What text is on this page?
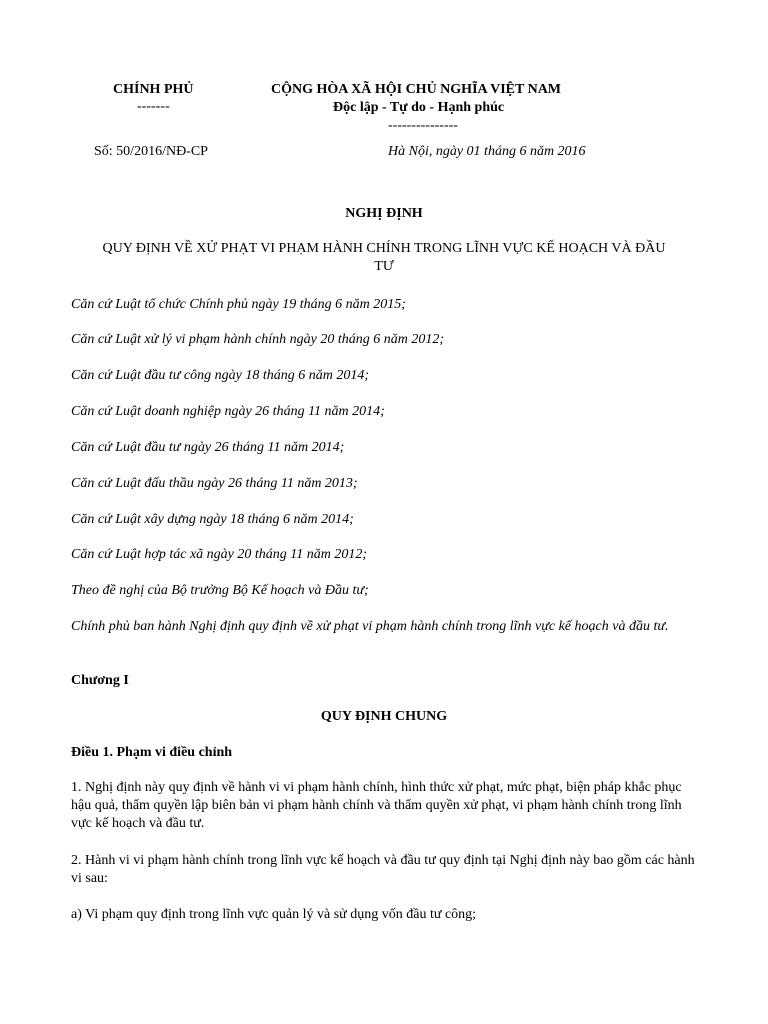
CHÍNH PHỦ
-------
CỘNG HÒA XÃ HỘI CHỦ NGHĨA VIỆT NAM
Độc lập - Tự do - Hạnh phúc
---------------
Số: 50/2016/NĐ-CP	Hà Nội, ngày 01 tháng 6 năm 2016
NGHỊ ĐỊNH
QUY ĐỊNH VỀ XỬ PHẠT VI PHẠM HÀNH CHÍNH TRONG LĨNH VỰC KẾ HOẠCH VÀ ĐẦU
TƯ
Căn cứ Luật tổ chức Chính phủ ngày 19 tháng 6 năm 2015;
Căn cứ Luật xử lý vi phạm hành chính ngày 20 tháng 6 năm 2012;
Căn cứ Luật đầu tư công ngày 18 tháng 6 năm 2014;
Căn cứ Luật doanh nghiệp ngày 26 tháng 11 năm 2014;
Căn cứ Luật đầu tư ngày 26 tháng 11 năm 2014;
Căn cứ Luật đấu thầu ngày 26 tháng 11 năm 2013;
Căn cứ Luật xây dựng ngày 18 tháng 6 năm 2014;
Căn cứ Luật hợp tác xã ngày 20 tháng 11 năm 2012;
Theo đề nghị của Bộ trưởng Bộ Kế hoạch và Đầu tư;
Chính phủ ban hành Nghị định quy định về xử phạt vi phạm hành chính trong lĩnh vực kế hoạch và đầu tư.
Chương I
QUY ĐỊNH CHUNG
Điều 1. Phạm vi điều chỉnh
1. Nghị định này quy định về hành vi vi phạm hành chính, hình thức xử phạt, mức phạt, biện pháp khắc phục hậu quả, thẩm quyền lập biên bản vi phạm hành chính và thẩm quyền xử phạt, vi phạm hành chính trong lĩnh vực kế hoạch và đầu tư.
2. Hành vi vi phạm hành chính trong lĩnh vực kế hoạch và đầu tư quy định tại Nghị định này bao gồm các hành vi sau:
a) Vi phạm quy định trong lĩnh vực quản lý và sử dụng vốn đầu tư công;
